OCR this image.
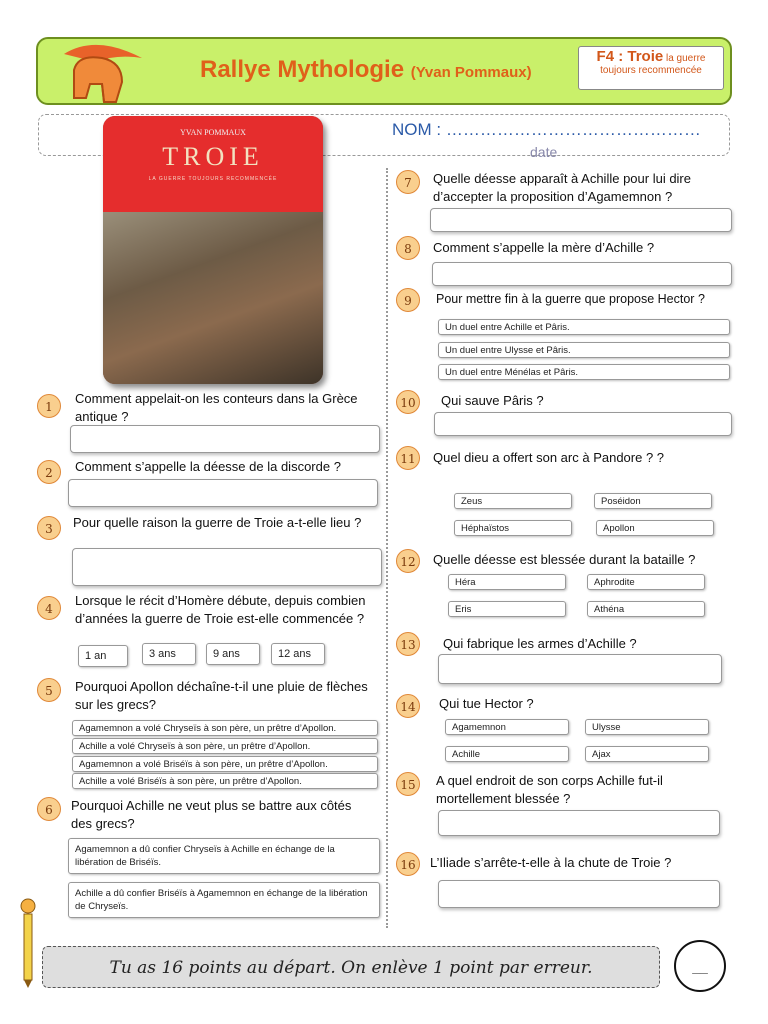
Rallye Mythologie (Yvan Pommaux)
F4 : Troie la guerre toujours recommencée
NOM : ………………………………………
date
YVAN POMMAUX
TROIE
LA GUERRE TOUJOURS RECOMMENCÉE
1
Comment appelait-on les conteurs dans la Grèce antique ?
2	Comment s’appelle la déesse de la discorde ?
3	Pour quelle raison la guerre de Troie a-t-elle lieu ?
4
Lorsque le récit d’Homère débute, depuis combien d’années la guerre de Troie est-elle commencée ?
1 an	3 ans	9 ans	12 ans
5	Pourquoi Apollon déchaîne-t-il une pluie de flèches sur les grecs?
Agamemnon a volé Chryseïs à son père, un prêtre d’Apollon.
Achille a volé Chryseïs à son père, un prêtre d’Apollon.
Agamemnon a volé Briséïs à son père, un prêtre d’Apollon.
Achille a volé Briséïs à son père, un prêtre d’Apollon.
6	Pourquoi Achille ne veut plus se battre aux côtés des grecs?
Agamemnon a dû confier Chryseïs à Achille en échange de la libération de Briséïs.
Achille a dû confier Briséïs à Agamemnon en échange de la libération de Chryseïs.
7	Quelle déesse apparaît à Achille pour lui dire d’accepter la proposition d’Agamemnon ?
8	Comment s’appelle la mère d’Achille ?
9	Pour mettre fin à la guerre que propose Hector ?
Un duel entre Achille et Pâris.
Un duel entre Ulysse et Pâris.
Un duel entre Ménélas et Pâris.
10	Qui sauve Pâris ?
11	Quel dieu a offert son arc à Pandore ? ?
Zeus	Poséidon
Héphaïstos	Apollon
12	Quelle déesse est blessée durant la bataille ?
Héra	Aphrodite
Eris	Athéna
13	Qui fabrique les armes d’Achille ?
14	Qui tue Hector ?
Agamemnon	Ulysse
Achille	Ajax
15	A quel endroit de son corps Achille fut-il mortellement blessée ?
16	L’Iliade s’arrête-t-elle à la chute de Troie ?
Tu as 16 points au départ. On enlève 1 point par erreur.	__
